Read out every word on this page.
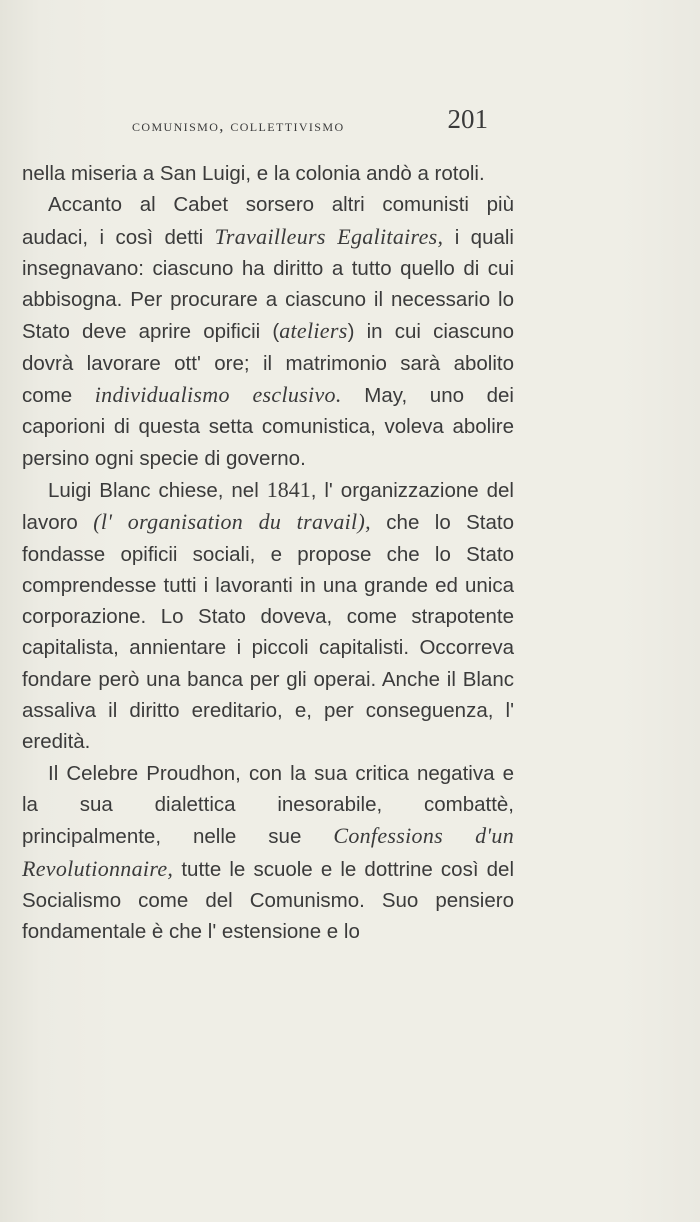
comunismo, collettivismo	201

nella miseria a San Luigi, e la colonia andò a rotoli.

Accanto al Cabet sorsero altri comunisti più audaci, i così detti Travailleurs Egalitaires, i quali insegnavano: ciascuno ha diritto a tutto quello di cui abbisogna. Per procurare a ciascuno il necessario lo Stato deve aprire opificii (ateliers) in cui ciascuno dovrà lavorare ott' ore; il matrimonio sarà abolito come individualismo esclusivo. May, uno dei caporioni di questa setta comunistica, voleva abolire persino ogni specie di governo.

Luigi Blanc chiese, nel 1841, l' organizzazione del lavoro (l' organisation du travail), che lo Stato fondasse opificii sociali, e propose che lo Stato comprendesse tutti i lavoranti in una grande ed unica corporazione. Lo Stato doveva, come strapotente capitalista, annientare i piccoli capitalisti. Occorreva fondare però una banca per gli operai. Anche il Blanc assaliva il diritto ereditario, e, per conseguenza, l' eredità.

Il Celebre Proudhon, con la sua critica negativa e la sua dialettica inesorabile, combattè, principalmente, nelle sue Confessions d'un Revolutionnaire, tutte le scuole e le dottrine così del Socialismo come del Comunismo. Suo pensiero fondamentale è che l' estensione e lo
